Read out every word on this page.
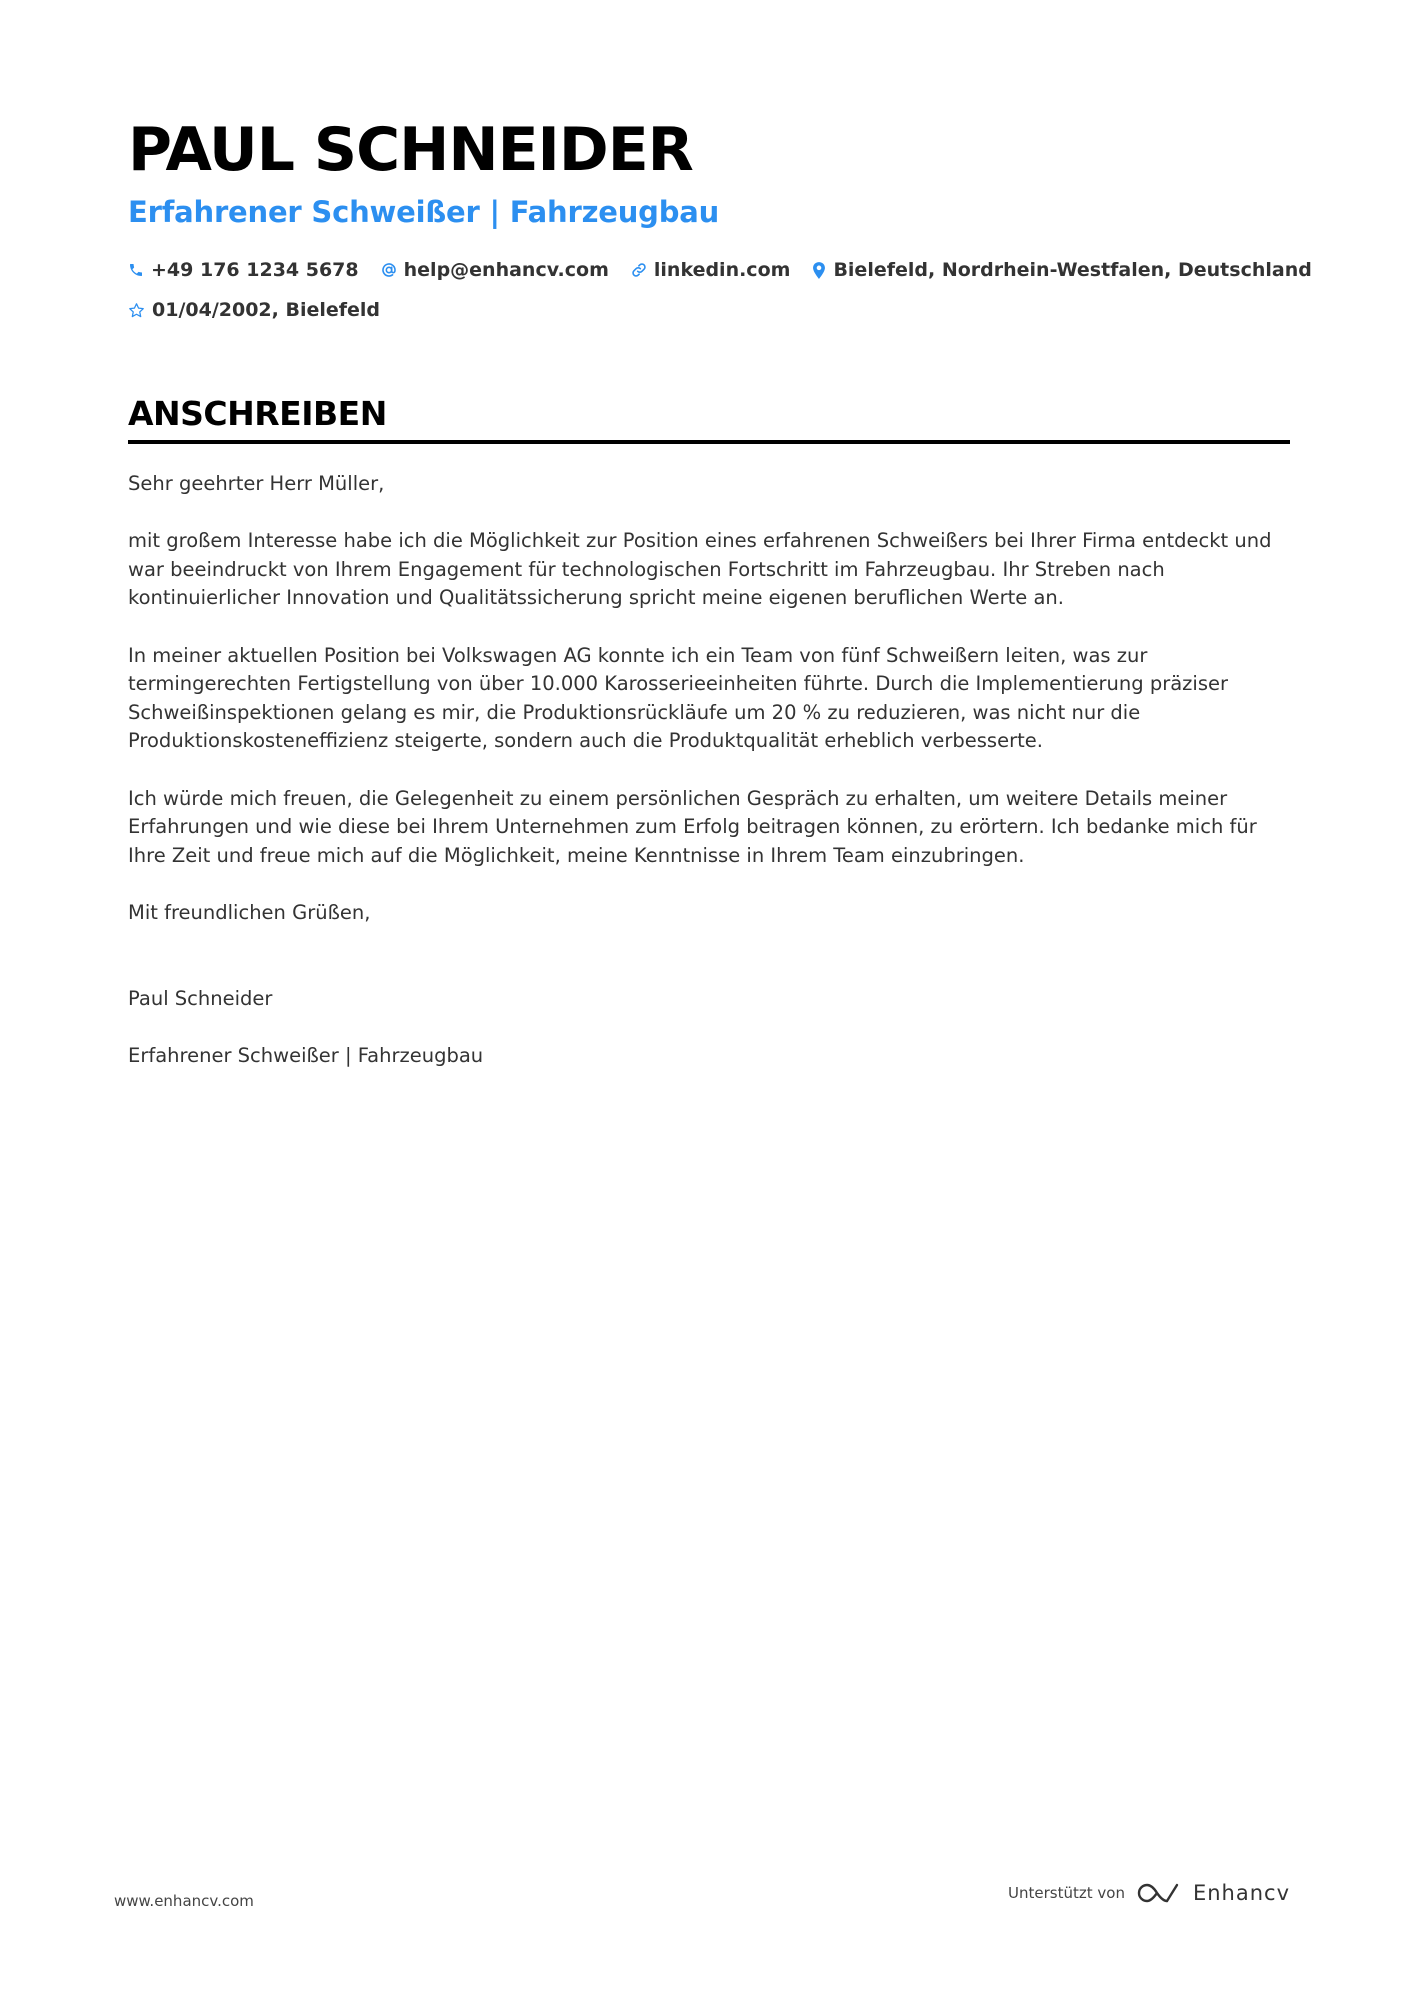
PAUL SCHNEIDER
Erfahrener Schweißer | Fahrzeugbau
+49 176 1234 5678 help@enhancv.com linkedin.com Bielefeld, Nordrhein-Westfalen, Deutschland
01/04/2002, Bielefeld
ANSCHREIBEN

Sehr geehrter Herr Müller,

mit großem Interesse habe ich die Möglichkeit zur Position eines erfahrenen Schweißers bei Ihrer Firma entdeckt und war beeindruckt von Ihrem Engagement für technologischen Fortschritt im Fahrzeugbau. Ihr Streben nach kontinuierlicher Innovation und Qualitätssicherung spricht meine eigenen beruflichen Werte an.

In meiner aktuellen Position bei Volkswagen AG konnte ich ein Team von fünf Schweißern leiten, was zur termingerechten Fertigstellung von über 10.000 Karosserieeinheiten führte. Durch die Implementierung präziser Schweißinspektionen gelang es mir, die Produktionsrückläufe um 20 % zu reduzieren, was nicht nur die Produktionskosteneffizienz steigerte, sondern auch die Produktqualität erheblich verbesserte.

Ich würde mich freuen, die Gelegenheit zu einem persönlichen Gespräch zu erhalten, um weitere Details meiner Erfahrungen und wie diese bei Ihrem Unternehmen zum Erfolg beitragen können, zu erörtern. Ich bedanke mich für Ihre Zeit und freue mich auf die Möglichkeit, meine Kenntnisse in Ihrem Team einzubringen.

Mit freundlichen Grüßen,

Paul Schneider

Erfahrener Schweißer | Fahrzeugbau

www.enhancv.com	Unterstützt von	Enhancv
